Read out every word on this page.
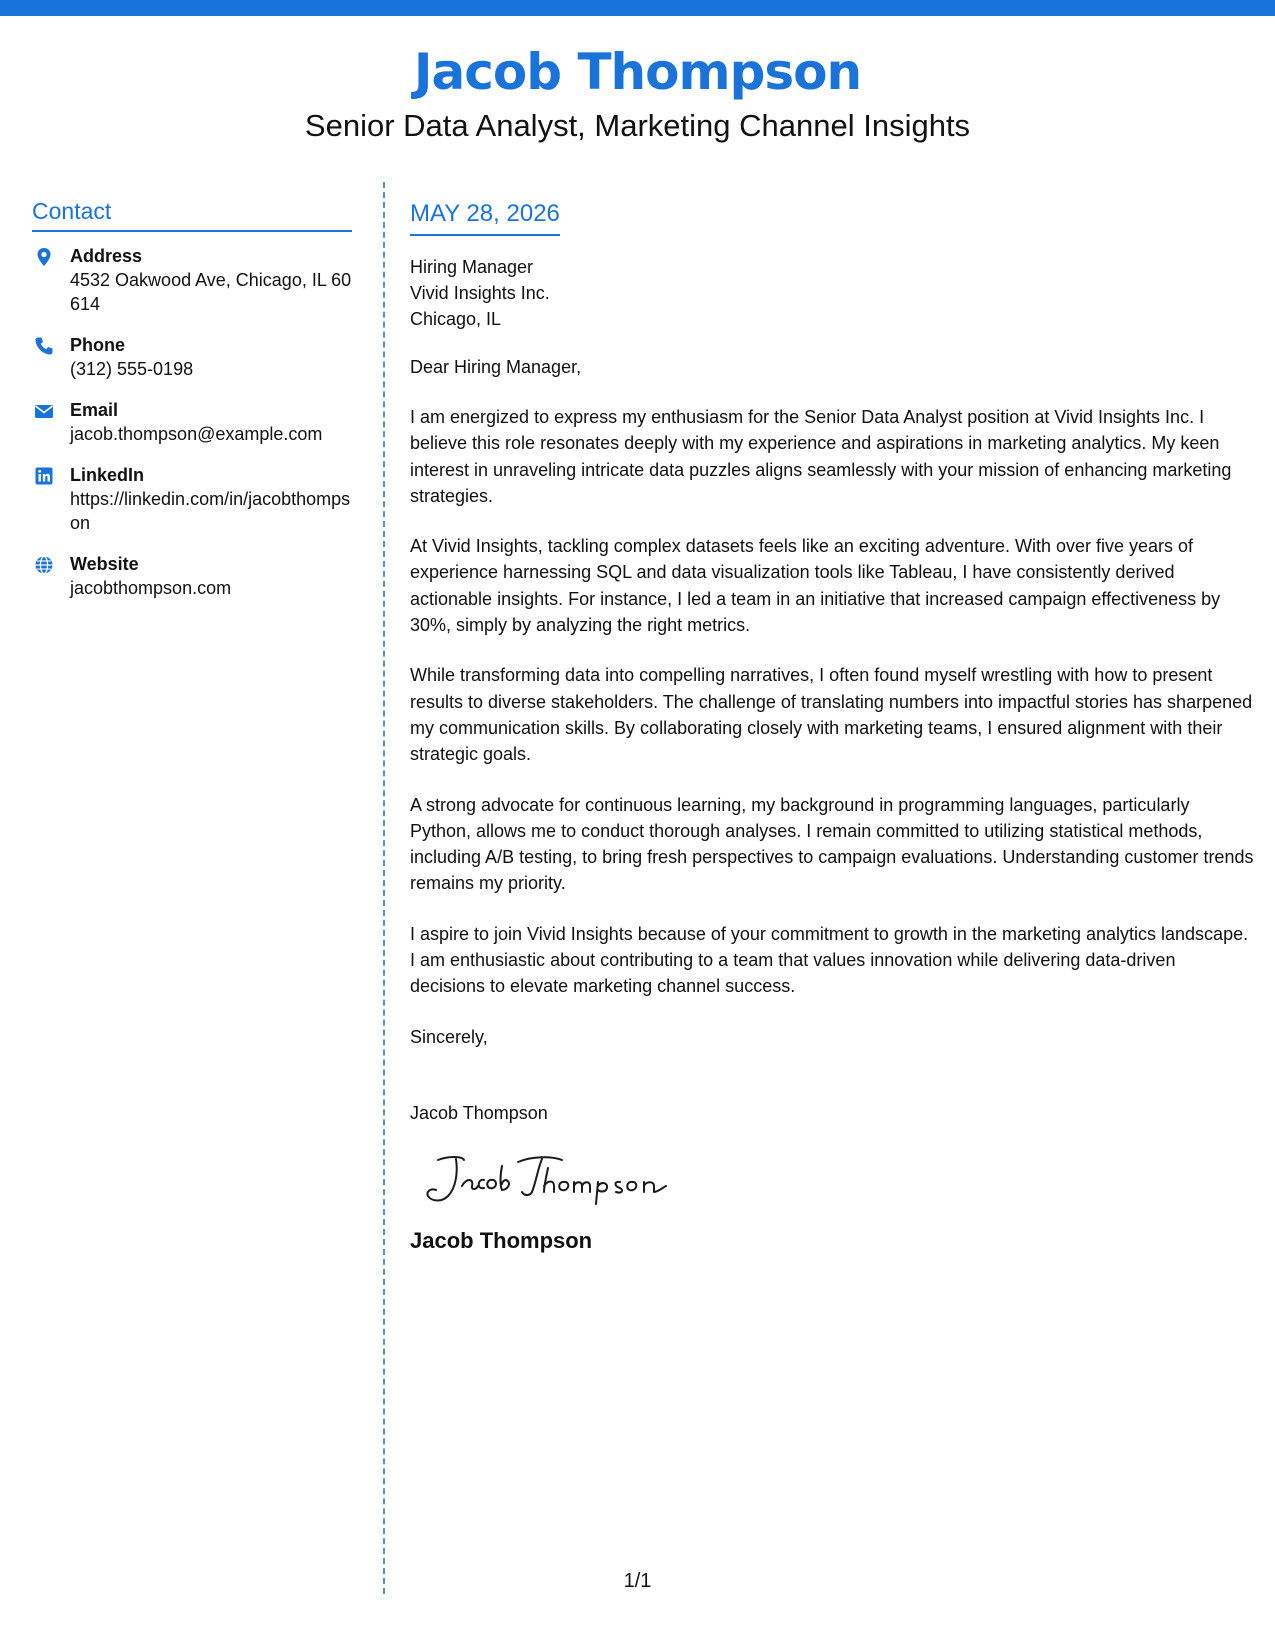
Jacob Thompson
Senior Data Analyst, Marketing Channel Insights
Contact
Address
4532 Oakwood Ave, Chicago, IL 60614
Phone
(312) 555-0198
Email
jacob.thompson@example.com
LinkedIn
https://linkedin.com/in/jacobthompson
Website
jacobthompson.com
MAY 28, 2026
Hiring Manager
Vivid Insights Inc.
Chicago, IL
Dear Hiring Manager,
I am energized to express my enthusiasm for the Senior Data Analyst position at Vivid Insights Inc. I believe this role resonates deeply with my experience and aspirations in marketing analytics. My keen interest in unraveling intricate data puzzles aligns seamlessly with your mission of enhancing marketing strategies.
At Vivid Insights, tackling complex datasets feels like an exciting adventure. With over five years of experience harnessing SQL and data visualization tools like Tableau, I have consistently derived actionable insights. For instance, I led a team in an initiative that increased campaign effectiveness by 30%, simply by analyzing the right metrics.
While transforming data into compelling narratives, I often found myself wrestling with how to present results to diverse stakeholders. The challenge of translating numbers into impactful stories has sharpened my communication skills. By collaborating closely with marketing teams, I ensured alignment with their strategic goals.
A strong advocate for continuous learning, my background in programming languages, particularly Python, allows me to conduct thorough analyses. I remain committed to utilizing statistical methods, including A/B testing, to bring fresh perspectives to campaign evaluations. Understanding customer trends remains my priority.
I aspire to join Vivid Insights because of your commitment to growth in the marketing analytics landscape. I am enthusiastic about contributing to a team that values innovation while delivering data-driven decisions to elevate marketing channel success.
Sincerely,
Jacob Thompson
Jacob Thompson
1/1
